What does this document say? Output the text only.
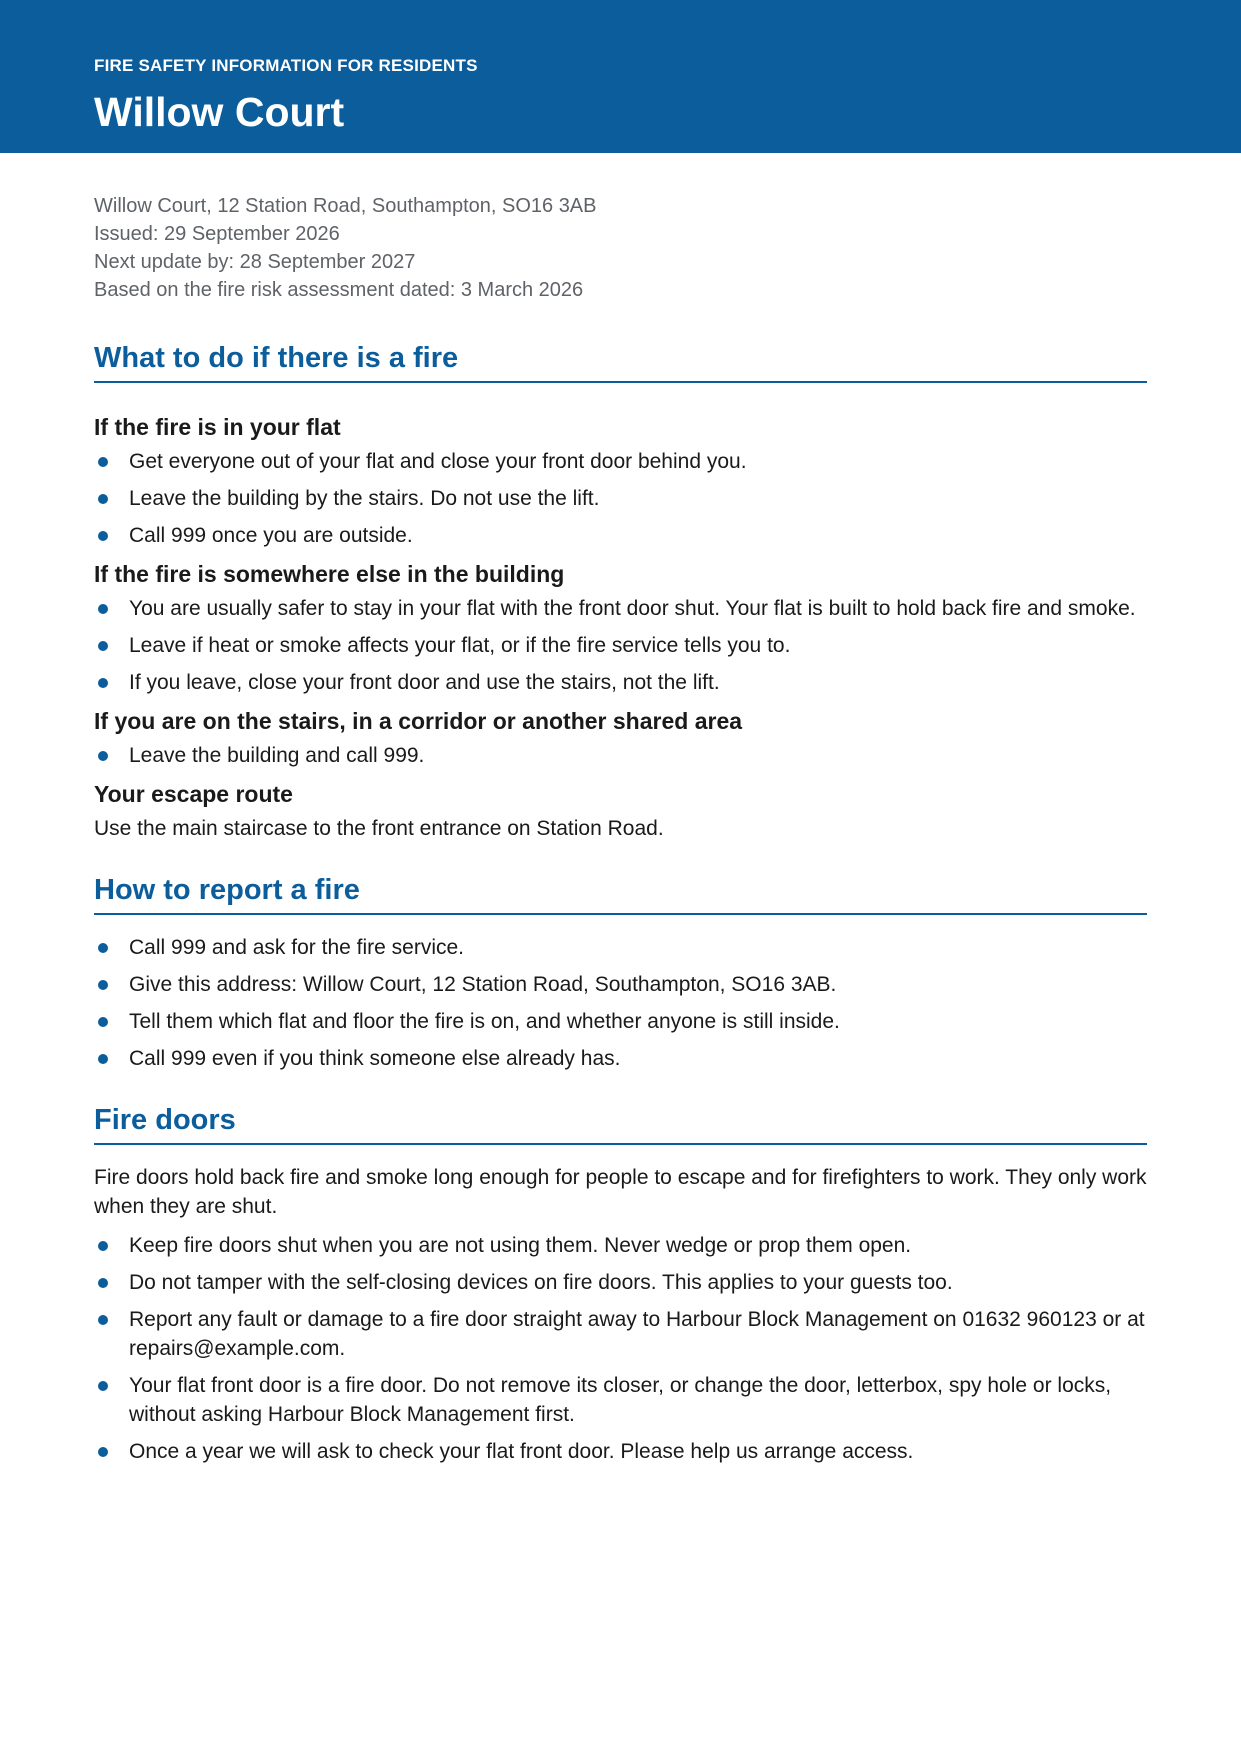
FIRE SAFETY INFORMATION FOR RESIDENTS

Willow Court
Willow Court, 12 Station Road, Southampton, SO16 3AB
Issued: 29 September 2026
Next update by: 28 September 2027
Based on the fire risk assessment dated: 3 March 2026
What to do if there is a fire
If the fire is in your flat
Get everyone out of your flat and close your front door behind you.
Leave the building by the stairs. Do not use the lift.
Call 999 once you are outside.
If the fire is somewhere else in the building
You are usually safer to stay in your flat with the front door shut. Your flat is built to hold back fire and smoke.
Leave if heat or smoke affects your flat, or if the fire service tells you to.
If you leave, close your front door and use the stairs, not the lift.
If you are on the stairs, in a corridor or another shared area
Leave the building and call 999.
Your escape route

Use the main staircase to the front entrance on Station Road.

How to report a fire
Call 999 and ask for the fire service.
Give this address: Willow Court, 12 Station Road, Southampton, SO16 3AB.
Tell them which flat and floor the fire is on, and whether anyone is still inside.
Call 999 even if you think someone else already has.
Fire doors

Fire doors hold back fire and smoke long enough for people to escape and for firefighters to work. They only work when they are shut.

Keep fire doors shut when you are not using them. Never wedge or prop them open.
Do not tamper with the self-closing devices on fire doors. This applies to your guests too.
Report any fault or damage to a fire door straight away to Harbour Block Management on 01632 960123 or at repairs@example.com.
Your flat front door is a fire door. Do not remove its closer, or change the door, letterbox, spy hole or locks, without asking Harbour Block Management first.
Once a year we will ask to check your flat front door. Please help us arrange access.
